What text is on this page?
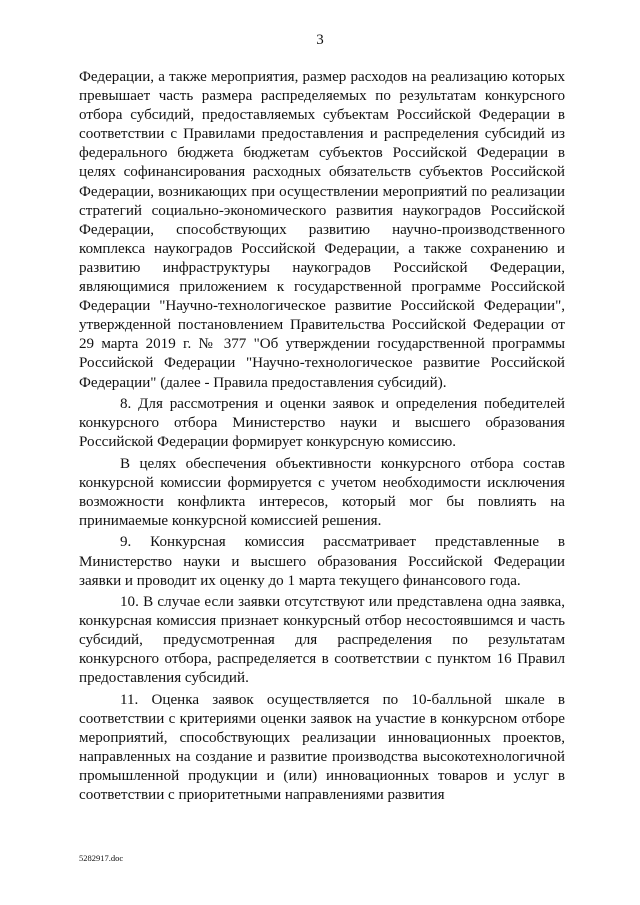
3

Федерации, а также мероприятия, размер расходов на реализацию которых превышает часть размера распределяемых по результатам конкурсного отбора субсидий, предоставляемых субъектам Российской Федерации в соответствии с Правилами предоставления и распределения субсидий из федерального бюджета бюджетам субъектов Российской Федерации в целях софинансирования расходных обязательств субъектов Российской Федерации, возникающих при осуществлении мероприятий по реализации стратегий социально-экономического развития наукоградов Российской Федерации, способствующих развитию научно-производственного комплекса наукоградов Российской Федерации, а также сохранению и развитию инфраструктуры наукоградов Российской Федерации, являющимися приложением к государственной программе Российской Федерации "Научно-технологическое развитие Российской Федерации", утвержденной постановлением Правительства Российской Федерации от 29 марта 2019 г. № 377 "Об утверждении государственной программы Российской Федерации "Научно-технологическое развитие Российской Федерации" (далее - Правила предоставления субсидий).

8. Для рассмотрения и оценки заявок и определения победителей конкурсного отбора Министерство науки и высшего образования Российской Федерации формирует конкурсную комиссию.

В целях обеспечения объективности конкурсного отбора состав конкурсной комиссии формируется с учетом необходимости исключения возможности конфликта интересов, который мог бы повлиять на принимаемые конкурсной комиссией решения.

9. Конкурсная комиссия рассматривает представленные в Министерство науки и высшего образования Российской Федерации заявки и проводит их оценку до 1 марта текущего финансового года.

10. В случае если заявки отсутствуют или представлена одна заявка, конкурсная комиссия признает конкурсный отбор несостоявшимся и часть субсидий, предусмотренная для распределения по результатам конкурсного отбора, распределяется в соответствии с пунктом 16 Правил предоставления субсидий.

11. Оценка заявок осуществляется по 10-балльной шкале в соответствии с критериями оценки заявок на участие в конкурсном отборе мероприятий, способствующих реализации инновационных проектов, направленных на создание и развитие производства высокотехнологичной промышленной продукции и (или) инновационных товаров и услуг в соответствии с приоритетными направлениями развития

5282917.doc
